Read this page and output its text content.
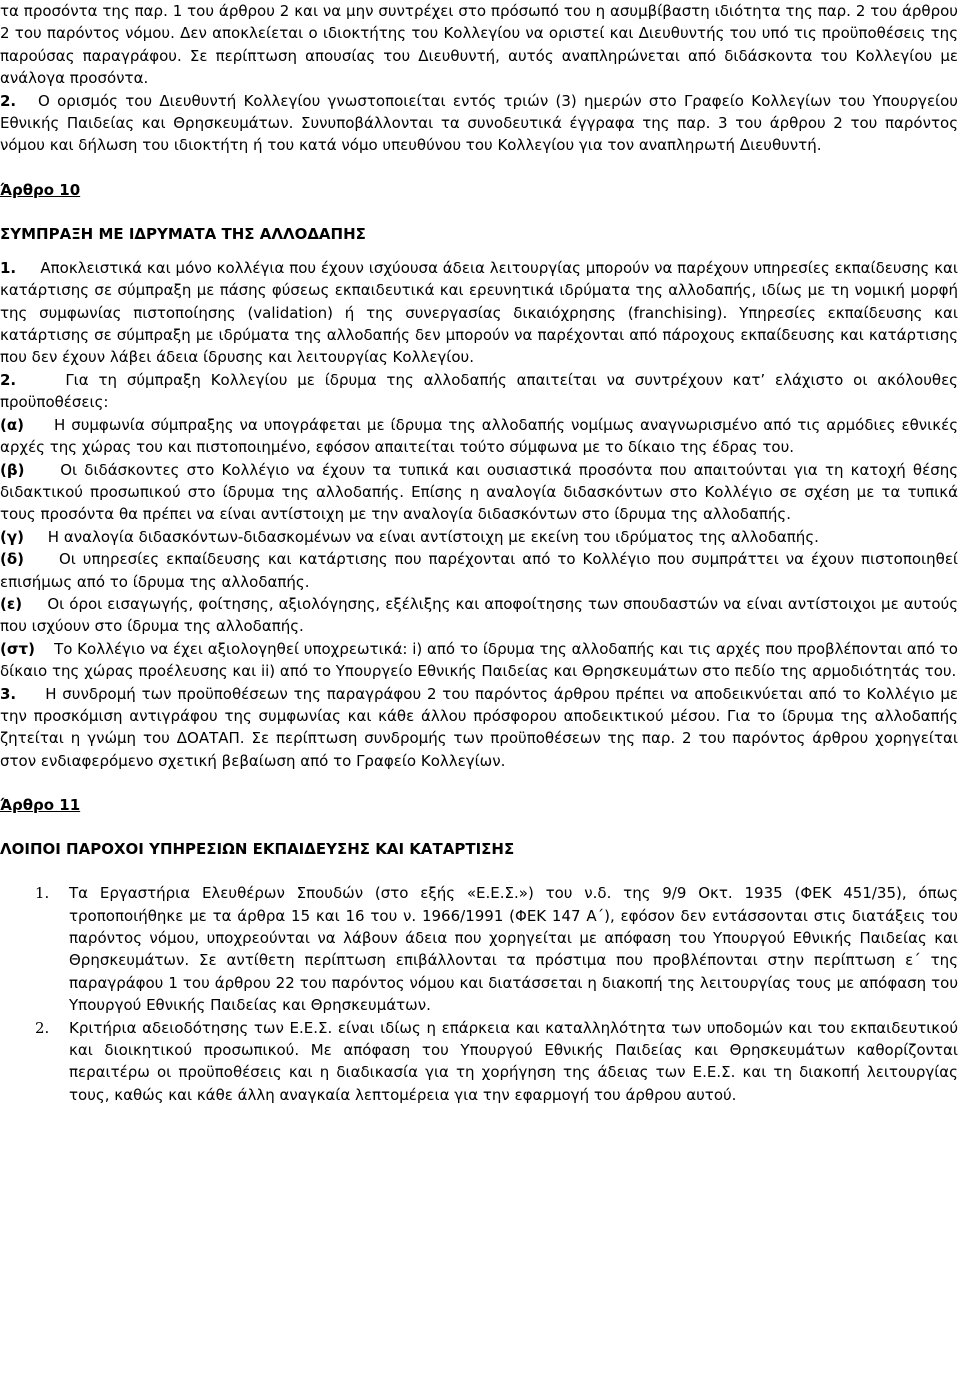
τα προσόντα της παρ. 1 του άρθρου 2 και να μην συντρέχει στο πρόσωπό του η ασυμβίβαστη ιδιότητα της παρ. 2 του άρθρου 2 του παρόντος νόμου. Δεν αποκλείεται ο ιδιοκτήτης του Κολλεγίου να οριστεί και Διευθυντής του υπό τις προϋποθέσεις της παρούσας παραγράφου. Σε περίπτωση απουσίας του Διευθυντή, αυτός αναπληρώνεται από διδάσκοντα του Κολλεγίου με ανάλογα προσόντα.

2. Ο ορισμός του Διευθυντή Κολλεγίου γνωστοποιείται εντός τριών (3) ημερών στο Γραφείο Κολλεγίων του Υπουργείου Εθνικής Παιδείας και Θρησκευμάτων. Συνυποβάλλονται τα συνοδευτικά έγγραφα της παρ. 3 του άρθρου 2 του παρόντος νόμου και δήλωση του ιδιοκτήτη ή του κατά νόμο υπευθύνου του Κολλεγίου για τον αναπληρωτή Διευθυντή.

Άρθρο 10
ΣΥΜΠΡΑΞΗ ΜΕ ΙΔΡΥΜΑΤΑ ΤΗΣ ΑΛΛΟΔΑΠΗΣ

1. Αποκλειστικά και μόνο κολλέγια που έχουν ισχύουσα άδεια λειτουργίας μπορούν να παρέχουν υπηρεσίες εκπαίδευσης και κατάρτισης σε σύμπραξη με πάσης φύσεως εκπαιδευτικά και ερευνητικά ιδρύματα της αλλοδαπής, ιδίως με τη νομική μορφή της συμφωνίας πιστοποίησης (validation) ή της συνεργασίας δικαιόχρησης (franchising). Υπηρεσίες εκπαίδευσης και κατάρτισης σε σύμπραξη με ιδρύματα της αλλοδαπής δεν μπορούν να παρέχονται από πάροχους εκπαίδευσης και κατάρτισης που δεν έχουν λάβει άδεια ίδρυσης και λειτουργίας Κολλεγίου.

2.	Για τη σύμπραξη Κολλεγίου με ίδρυμα της αλλοδαπής απαιτείται να συντρέχουν κατ’ ελάχιστο οι ακόλουθες προϋποθέσεις:

(α) Η συμφωνία σύμπραξης να υπογράφεται με ίδρυμα της αλλοδαπής νομίμως αναγνωρισμένο από τις αρμόδιες εθνικές αρχές της χώρας του και πιστοποιημένο, εφόσον απαιτείται τούτο σύμφωνα με το δίκαιο της έδρας του.

(β) Οι διδάσκοντες στο Κολλέγιο να έχουν τα τυπικά και ουσιαστικά προσόντα που απαιτούνται για τη κατοχή θέσης διδακτικού προσωπικού στο ίδρυμα της αλλοδαπής. Επίσης η αναλογία διδασκόντων στο Κολλέγιο σε σχέση με τα τυπικά τους προσόντα θα πρέπει να είναι αντίστοιχη με την αναλογία διδασκόντων στο ίδρυμα της αλλοδαπής.

(γ) Η αναλογία διδασκόντων-διδασκομένων να είναι αντίστοιχη με εκείνη του ιδρύματος της αλλοδαπής.

(δ) Οι υπηρεσίες εκπαίδευσης και κατάρτισης που παρέχονται από το Κολλέγιο που συμπράττει να έχουν πιστοποιηθεί επισήμως από το ίδρυμα της αλλοδαπής.

(ε) Οι όροι εισαγωγής, φοίτησης, αξιολόγησης, εξέλιξης και αποφοίτησης των σπουδαστών να είναι αντίστοιχοι με αυτούς που ισχύουν στο ίδρυμα της αλλοδαπής.

(στ) Το Κολλέγιο να έχει αξιολογηθεί υποχρεωτικά: i) από το ίδρυμα της αλλοδαπής και τις αρχές που προβλέπονται από το δίκαιο της χώρας προέλευσης και ii) από το Υπουργείο Εθνικής Παιδείας και Θρησκευμάτων στο πεδίο της αρμοδιότητάς του.

3. Η συνδρομή των προϋποθέσεων της παραγράφου 2 του παρόντος άρθρου πρέπει να αποδεικνύεται από το Κολλέγιο με την προσκόμιση αντιγράφου της συμφωνίας και κάθε άλλου πρόσφορου αποδεικτικού μέσου. Για το ίδρυμα της αλλοδαπής ζητείται η γνώμη του ΔΟΑΤΑΠ. Σε περίπτωση συνδρομής των προϋποθέσεων της παρ. 2 του παρόντος άρθρου χορηγείται στον ενδιαφερόμενο σχετική βεβαίωση από το Γραφείο Κολλεγίων.

Άρθρο 11
ΛΟΙΠΟΙ ΠΑΡΟΧΟΙ ΥΠΗΡΕΣΙΩΝ ΕΚΠΑΙΔΕΥΣΗΣ ΚΑΙ ΚΑΤΑΡΤΙΣΗΣ
1. Τα Εργαστήρια Ελευθέρων Σπουδών (στο εξής «Ε.Ε.Σ.») του ν.δ. της 9/9 Οκτ. 1935 (ΦΕΚ 451/35), όπως τροποποιήθηκε με τα άρθρα 15 και 16 του ν. 1966/1991 (ΦΕΚ 147 Α΄), εφόσον δεν εντάσσονται στις διατάξεις του παρόντος νόμου, υποχρεούνται να λάβουν άδεια που χορηγείται με απόφαση του Υπουργού Εθνικής Παιδείας και Θρησκευμάτων. Σε αντίθετη περίπτωση επιβάλλονται τα πρόστιμα που προβλέπονται στην περίπτωση ε΄ της παραγράφου 1 του άρθρου 22 του παρόντος νόμου και διατάσσεται η διακοπή της λειτουργίας τους με απόφαση του Υπουργού Εθνικής Παιδείας και Θρησκευμάτων.

2. Κριτήρια αδειοδότησης των Ε.Ε.Σ. είναι ιδίως η επάρκεια και καταλληλότητα των υποδομών και του εκπαιδευτικού και διοικητικού προσωπικού. Με απόφαση του Υπουργού Εθνικής Παιδείας και Θρησκευμάτων καθορίζονται περαιτέρω οι προϋποθέσεις και η διαδικασία για τη χορήγηση της άδειας των Ε.Ε.Σ. και τη διακοπή λειτουργίας τους, καθώς και κάθε άλλη αναγκαία λεπτομέρεια για την εφαρμογή του άρθρου αυτού.
